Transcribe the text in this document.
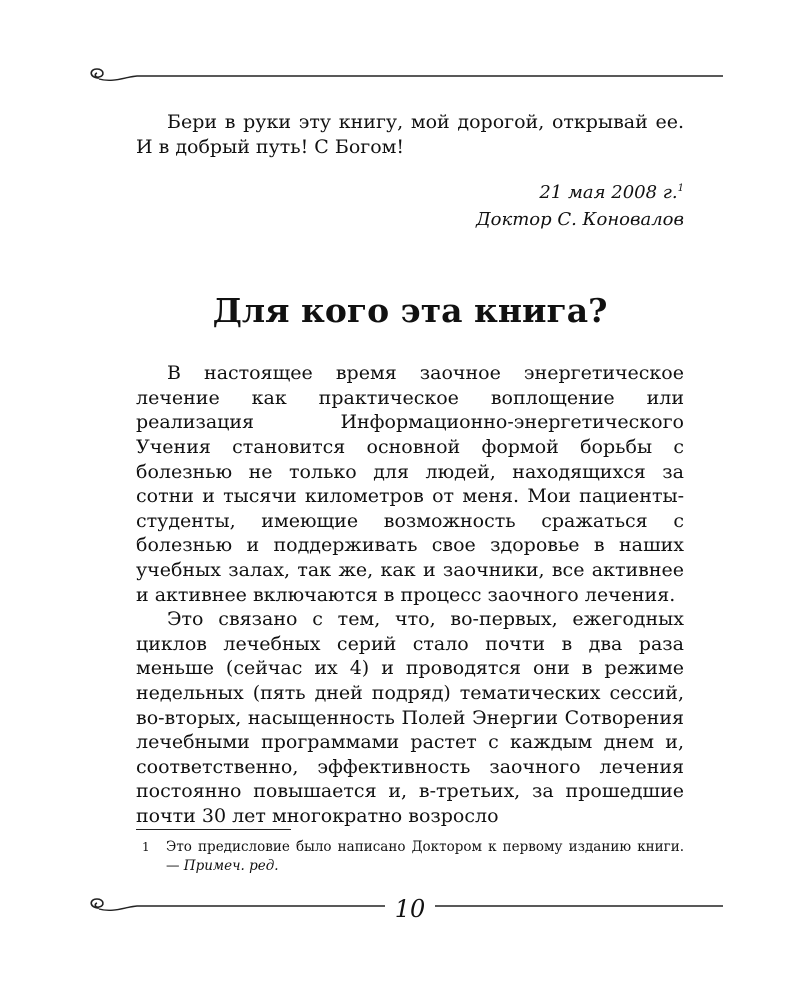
Бери в руки эту книгу, мой дорогой, открывай ее. И в добрый путь! С Богом!

21 мая 2008 г.$^1$
Доктор С. Коновалов
Для кого эта книга?

В настоящее время заочное энергетическое лечение как практическое воплощение или реализация Информационно-энергетического Учения становится основной формой борьбы с болезнью не только для людей, находящихся за сотни и тысячи километров от меня. Мои пациенты-студенты, имеющие возможность сражаться с болезнью и поддерживать свое здоровье в наших учебных залах, так же, как и заочники, все активнее и активнее включаются в процесс заочного лечения.

Это связано с тем, что, во-первых, ежегодных циклов лечебных серий стало почти в два раза меньше (сейчас их 4) и проводятся они в режиме недельных (пять дней подряд) тематических сессий, во-вторых, насыщенность Полей Энергии Сотворения лечебными программами растет с каждым днем и, соответственно, эффективность заочного лечения постоянно повышается и, в-третьих, за прошедшие почти 30 лет многократно возросло

1 Это предисловие было написано Доктором к первому изданию книги. — Примеч. ред.
10
